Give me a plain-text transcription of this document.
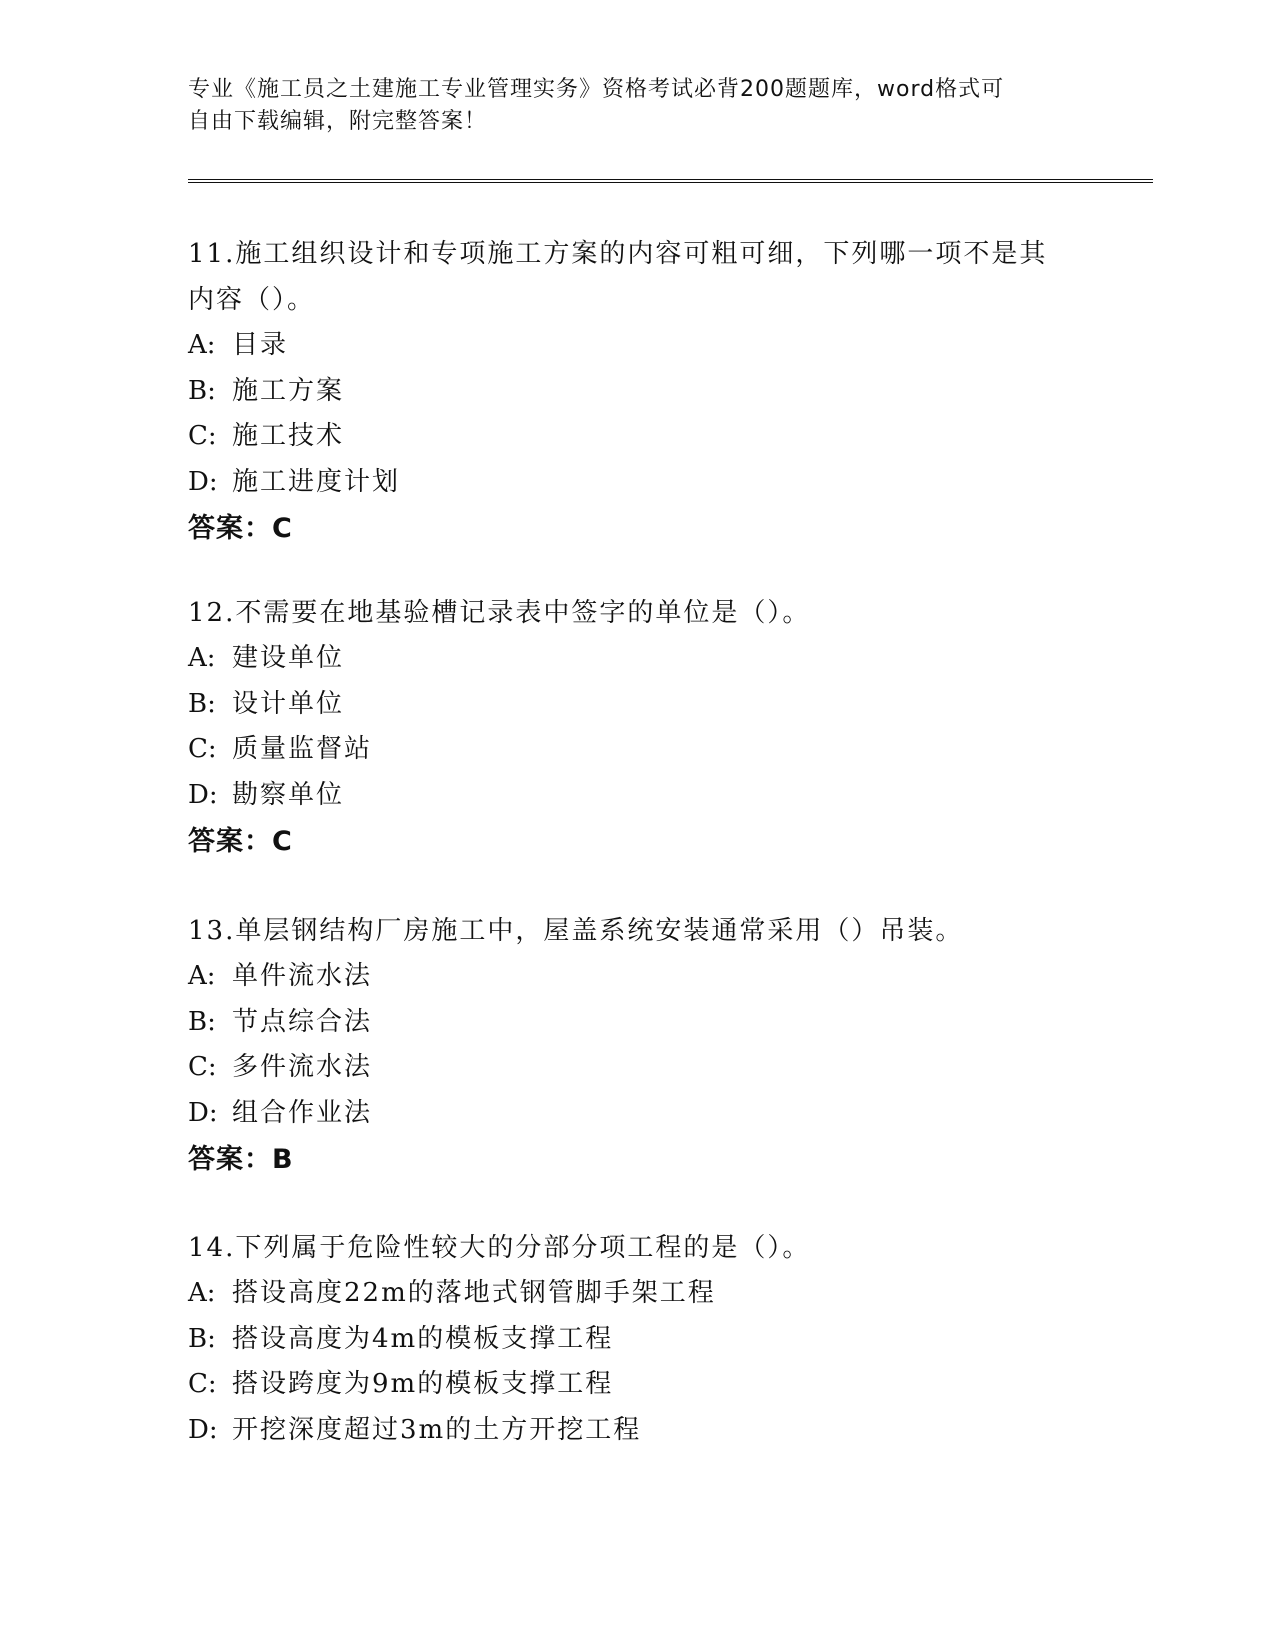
专业《施工员之土建施工专业管理实务》资格考试必背200题题库，word格式可
自由下载编辑，附完整答案！
11.施工组织设计和专项施工方案的内容可粗可细，下列哪一项不是其
内容（）。
A: 目录
B: 施工方案
C: 施工技术
D: 施工进度计划
答案：C
12.不需要在地基验槽记录表中签字的单位是（）。
A: 建设单位
B: 设计单位
C: 质量监督站
D: 勘察单位
答案：C
13.单层钢结构厂房施工中，屋盖系统安装通常采用（）吊装。
A: 单件流水法
B: 节点综合法
C: 多件流水法
D: 组合作业法
答案：B
14.下列属于危险性较大的分部分项工程的是（）。
A: 搭设高度22m的落地式钢管脚手架工程
B: 搭设高度为4m的模板支撑工程
C: 搭设跨度为9m的模板支撑工程
D: 开挖深度超过3m的土方开挖工程
